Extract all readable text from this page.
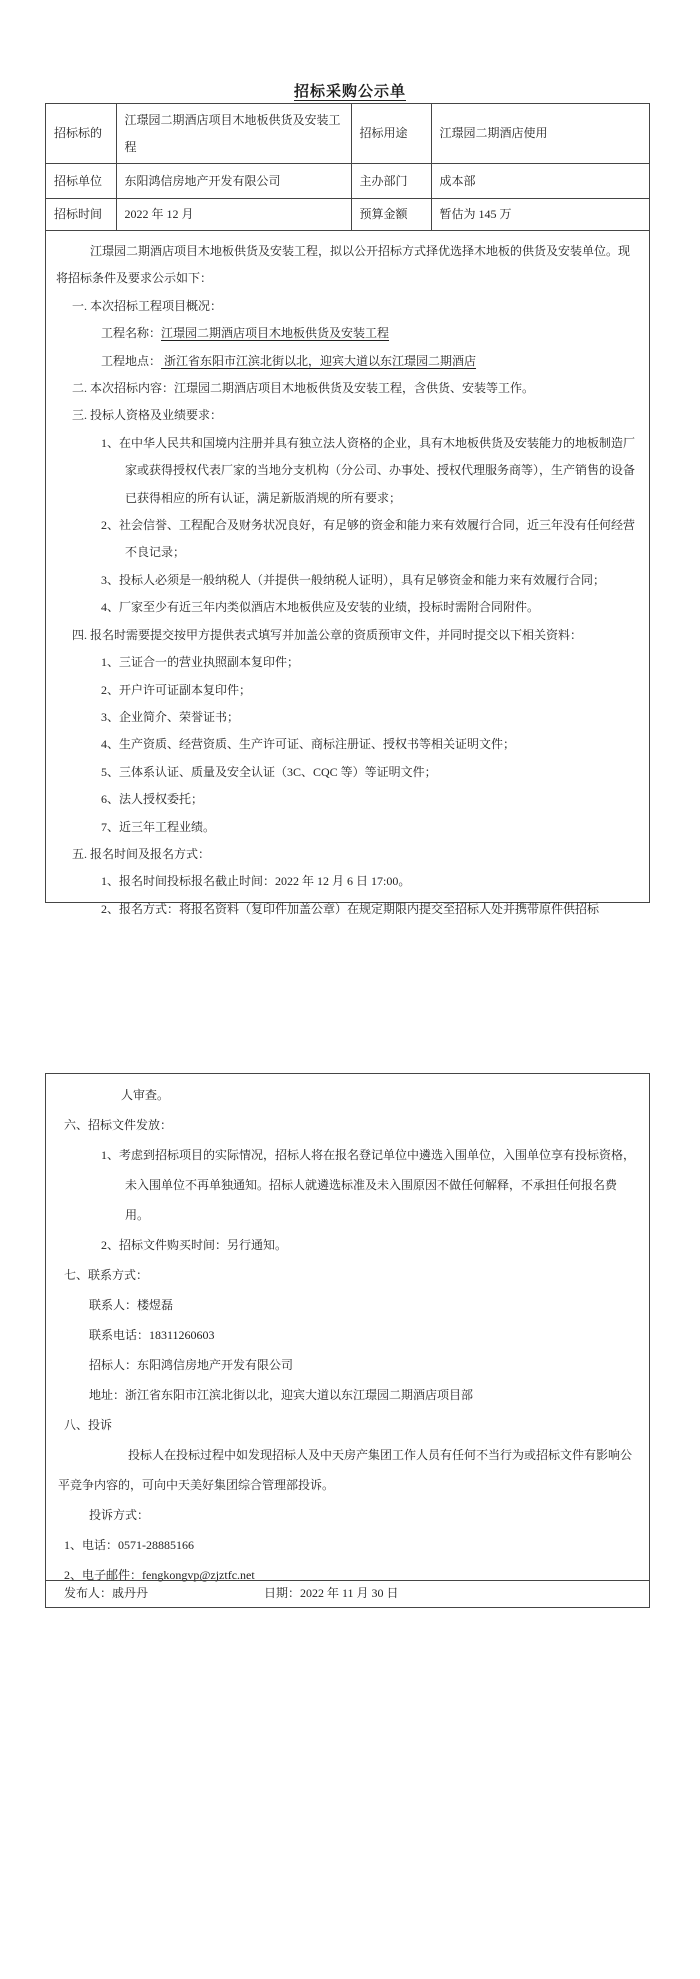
招标采购公示单
招标标的	江璟园二期酒店项目木地板供货及安装工程	招标用途	江璟园二期酒店使用
招标单位	东阳鸿信房地产开发有限公司	主办部门	成本部
招标时间	2022 年 12 月	预算金额	暂估为 145 万

江璟园二期酒店项目木地板供货及安装工程，拟以公开招标方式择优选择木地板的供货及安装单位。现将招标条件及要求公示如下：

一. 本次招标工程项目概况：

工程名称：江璟园二期酒店项目木地板供货及安装工程

工程地点： 浙江省东阳市江滨北街以北，迎宾大道以东江璟园二期酒店

二. 本次招标内容：江璟园二期酒店项目木地板供货及安装工程，含供货、安装等工作。

三. 投标人资格及业绩要求：

1、在中华人民共和国境内注册并具有独立法人资格的企业，具有木地板供货及安装能力的地板制造厂家或获得授权代表厂家的当地分支机构（分公司、办事处、授权代理服务商等），生产销售的设备已获得相应的所有认证，满足新版消规的所有要求；

2、社会信誉、工程配合及财务状况良好，有足够的资金和能力来有效履行合同，近三年没有任何经营不良记录；

3、投标人必须是一般纳税人（并提供一般纳税人证明），具有足够资金和能力来有效履行合同；

4、厂家至少有近三年内类似酒店木地板供应及安装的业绩，投标时需附合同附件。

四. 报名时需要提交按甲方提供表式填写并加盖公章的资质预审文件，并同时提交以下相关资料：

1、三证合一的营业执照副本复印件；

2、开户许可证副本复印件；

3、企业简介、荣誉证书；

4、生产资质、经营资质、生产许可证、商标注册证、授权书等相关证明文件；

5、三体系认证、质量及安全认证（3C、CQC 等）等证明文件；

6、法人授权委托；

7、近三年工程业绩。

五. 报名时间及报名方式：

1、报名时间投标报名截止时间：2022 年 12 月 6 日 17:00。

2、报名方式：将报名资料（复印件加盖公章）在规定期限内提交至招标人处并携带原件供招标

人审查。

六、招标文件发放：

1、考虑到招标项目的实际情况，招标人将在报名登记单位中遴选入围单位，入围单位享有投标资格，未入围单位不再单独通知。招标人就遴选标准及未入围原因不做任何解释，不承担任何报名费用。

2、招标文件购买时间：另行通知。

七、联系方式：

联系人：楼煜磊

联系电话：18311260603

招标人：东阳鸿信房地产开发有限公司

地址：浙江省东阳市江滨北街以北，迎宾大道以东江璟园二期酒店项目部

八、投诉

投标人在投标过程中如发现招标人及中天房产集团工作人员有任何不当行为或招标文件有影响公平竞争内容的，可向中天美好集团综合管理部投诉。

投诉方式：

1、电话：0571-28885166

2、电子邮件：fengkongvp@zjztfc.net

发布人：戚丹丹	日期：2022 年 11 月 30 日
